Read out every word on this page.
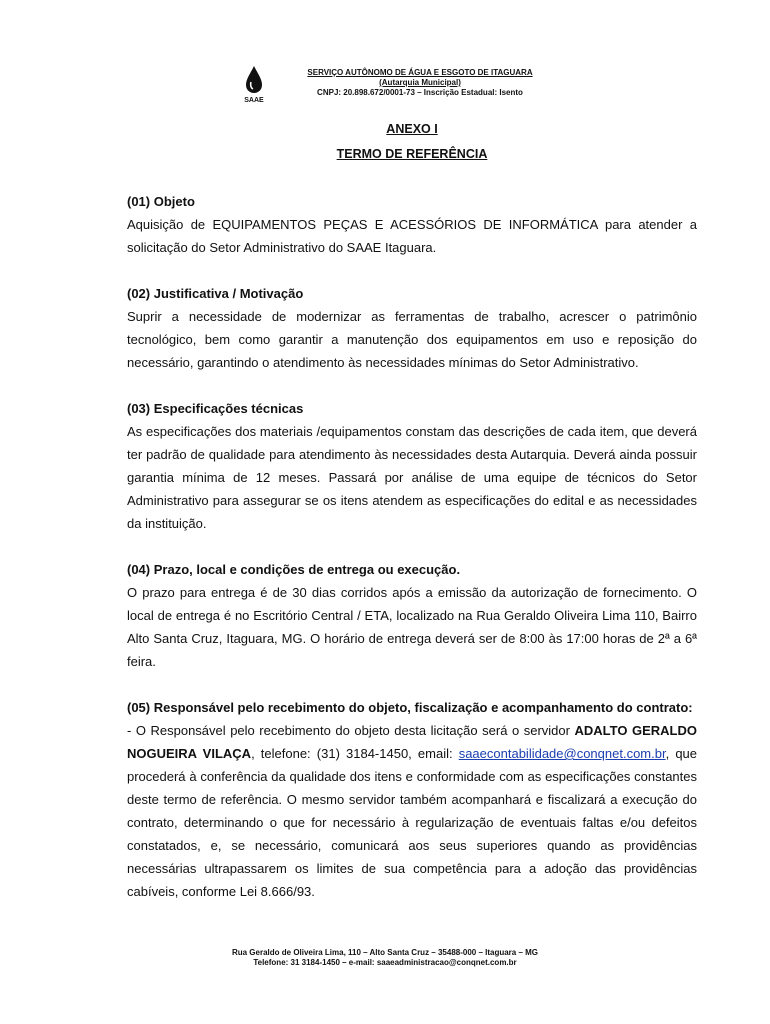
SAAE
SERVIÇO AUTÔNOMO DE ÁGUA E ESGOTO DE ITAGUARA
(Autarquia Municipal)
CNPJ: 20.898.672/0001-73 – Inscrição Estadual: Isento
ANEXO I
TERMO DE REFERÊNCIA
(01) Objeto
Aquisição de EQUIPAMENTOS PEÇAS E ACESSÓRIOS DE INFORMÁTICA para atender a solicitação do Setor Administrativo do SAAE Itaguara.
(02) Justificativa / Motivação
Suprir a necessidade de modernizar as ferramentas de trabalho, acrescer o patrimônio tecnológico, bem como garantir a manutenção dos equipamentos em uso e reposição do necessário, garantindo o atendimento às necessidades mínimas do Setor Administrativo.
(03) Especificações técnicas
As especificações dos materiais /equipamentos constam das descrições de cada item, que deverá ter padrão de qualidade para atendimento às necessidades desta Autarquia. Deverá ainda possuir garantia mínima de 12 meses. Passará por análise de uma equipe de técnicos do Setor Administrativo para assegurar se os itens atendem as especificações do edital e as necessidades da instituição.
(04) Prazo, local e condições de entrega ou execução.
O prazo para entrega é de 30 dias corridos após a emissão da autorização de fornecimento. O local de entrega é no Escritório Central / ETA, localizado na Rua Geraldo Oliveira Lima 110, Bairro Alto Santa Cruz, Itaguara, MG. O horário de entrega deverá ser de 8:00 às 17:00 horas de 2ª a 6ª feira.
(05) Responsável pelo recebimento do objeto, fiscalização e acompanhamento do contrato:
- O Responsável pelo recebimento do objeto desta licitação será o servidor ADALTO GERALDO NOGUEIRA VILAÇA, telefone: (31) 3184-1450, email: saaecontabilidade@conqnet.com.br, que procederá à conferência da qualidade dos itens e conformidade com as especificações constantes deste termo de referência. O mesmo servidor também acompanhará e fiscalizará a execução do contrato, determinando o que for necessário à regularização de eventuais faltas e/ou defeitos constatados, e, se necessário, comunicará aos seus superiores quando as providências necessárias ultrapassarem os limites de sua competência para a adoção das providências cabíveis, conforme Lei 8.666/93.
Rua Geraldo de Oliveira Lima, 110 – Alto Santa Cruz – 35488-000 – Itaguara – MG
Telefone: 31 3184-1450 – e-mail: saaeadministracao@conqnet.com.br
